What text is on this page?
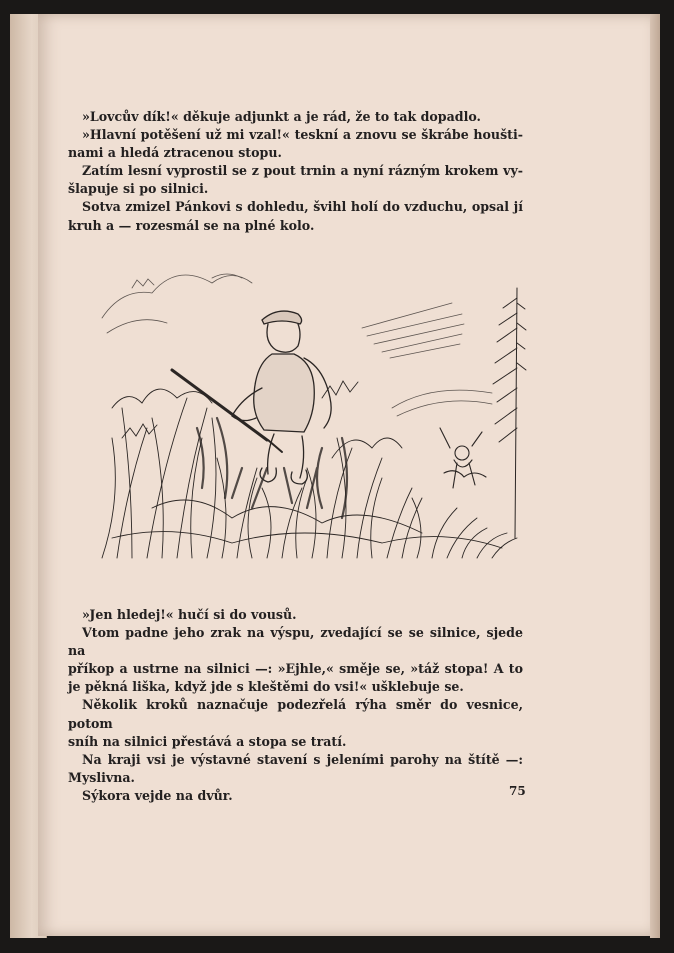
»Lovcův dík!« děkuje adjunkt a je rád, že to tak dopadlo.

»Hlavní potěšení už mi vzal!« teskní a znovu se škrábe houšti-
nami a hledá ztracenou stopu.

Zatím lesní vyprostil se z pout trnin a nyní rázným krokem vy-
šlapuje si po silnici.

Sotva zmizel Pánkovi s dohledu, švihl holí do vzduchu, opsal jí
kruh a — rozesmál se na plné kolo.

»Jen hledej!« hučí si do vousů.

Vtom padne jeho zrak na výspu, zvedající se se silnice, sjede na
příkop a ustrne na silnici —: »Ejhle,« směje se, »táž stopa! A to
je pěkná liška, když jde s kleštěmi do vsi!« ušklebuje se.

Několik kroků naznačuje podezřelá rýha směr do vesnice, potom
sníh na silnici přestává a stopa se tratí.

Na kraji vsi je výstavné stavení s jeleními parohy na štítě —:
Myslivna.

Sýkora vejde na dvůr.	75
